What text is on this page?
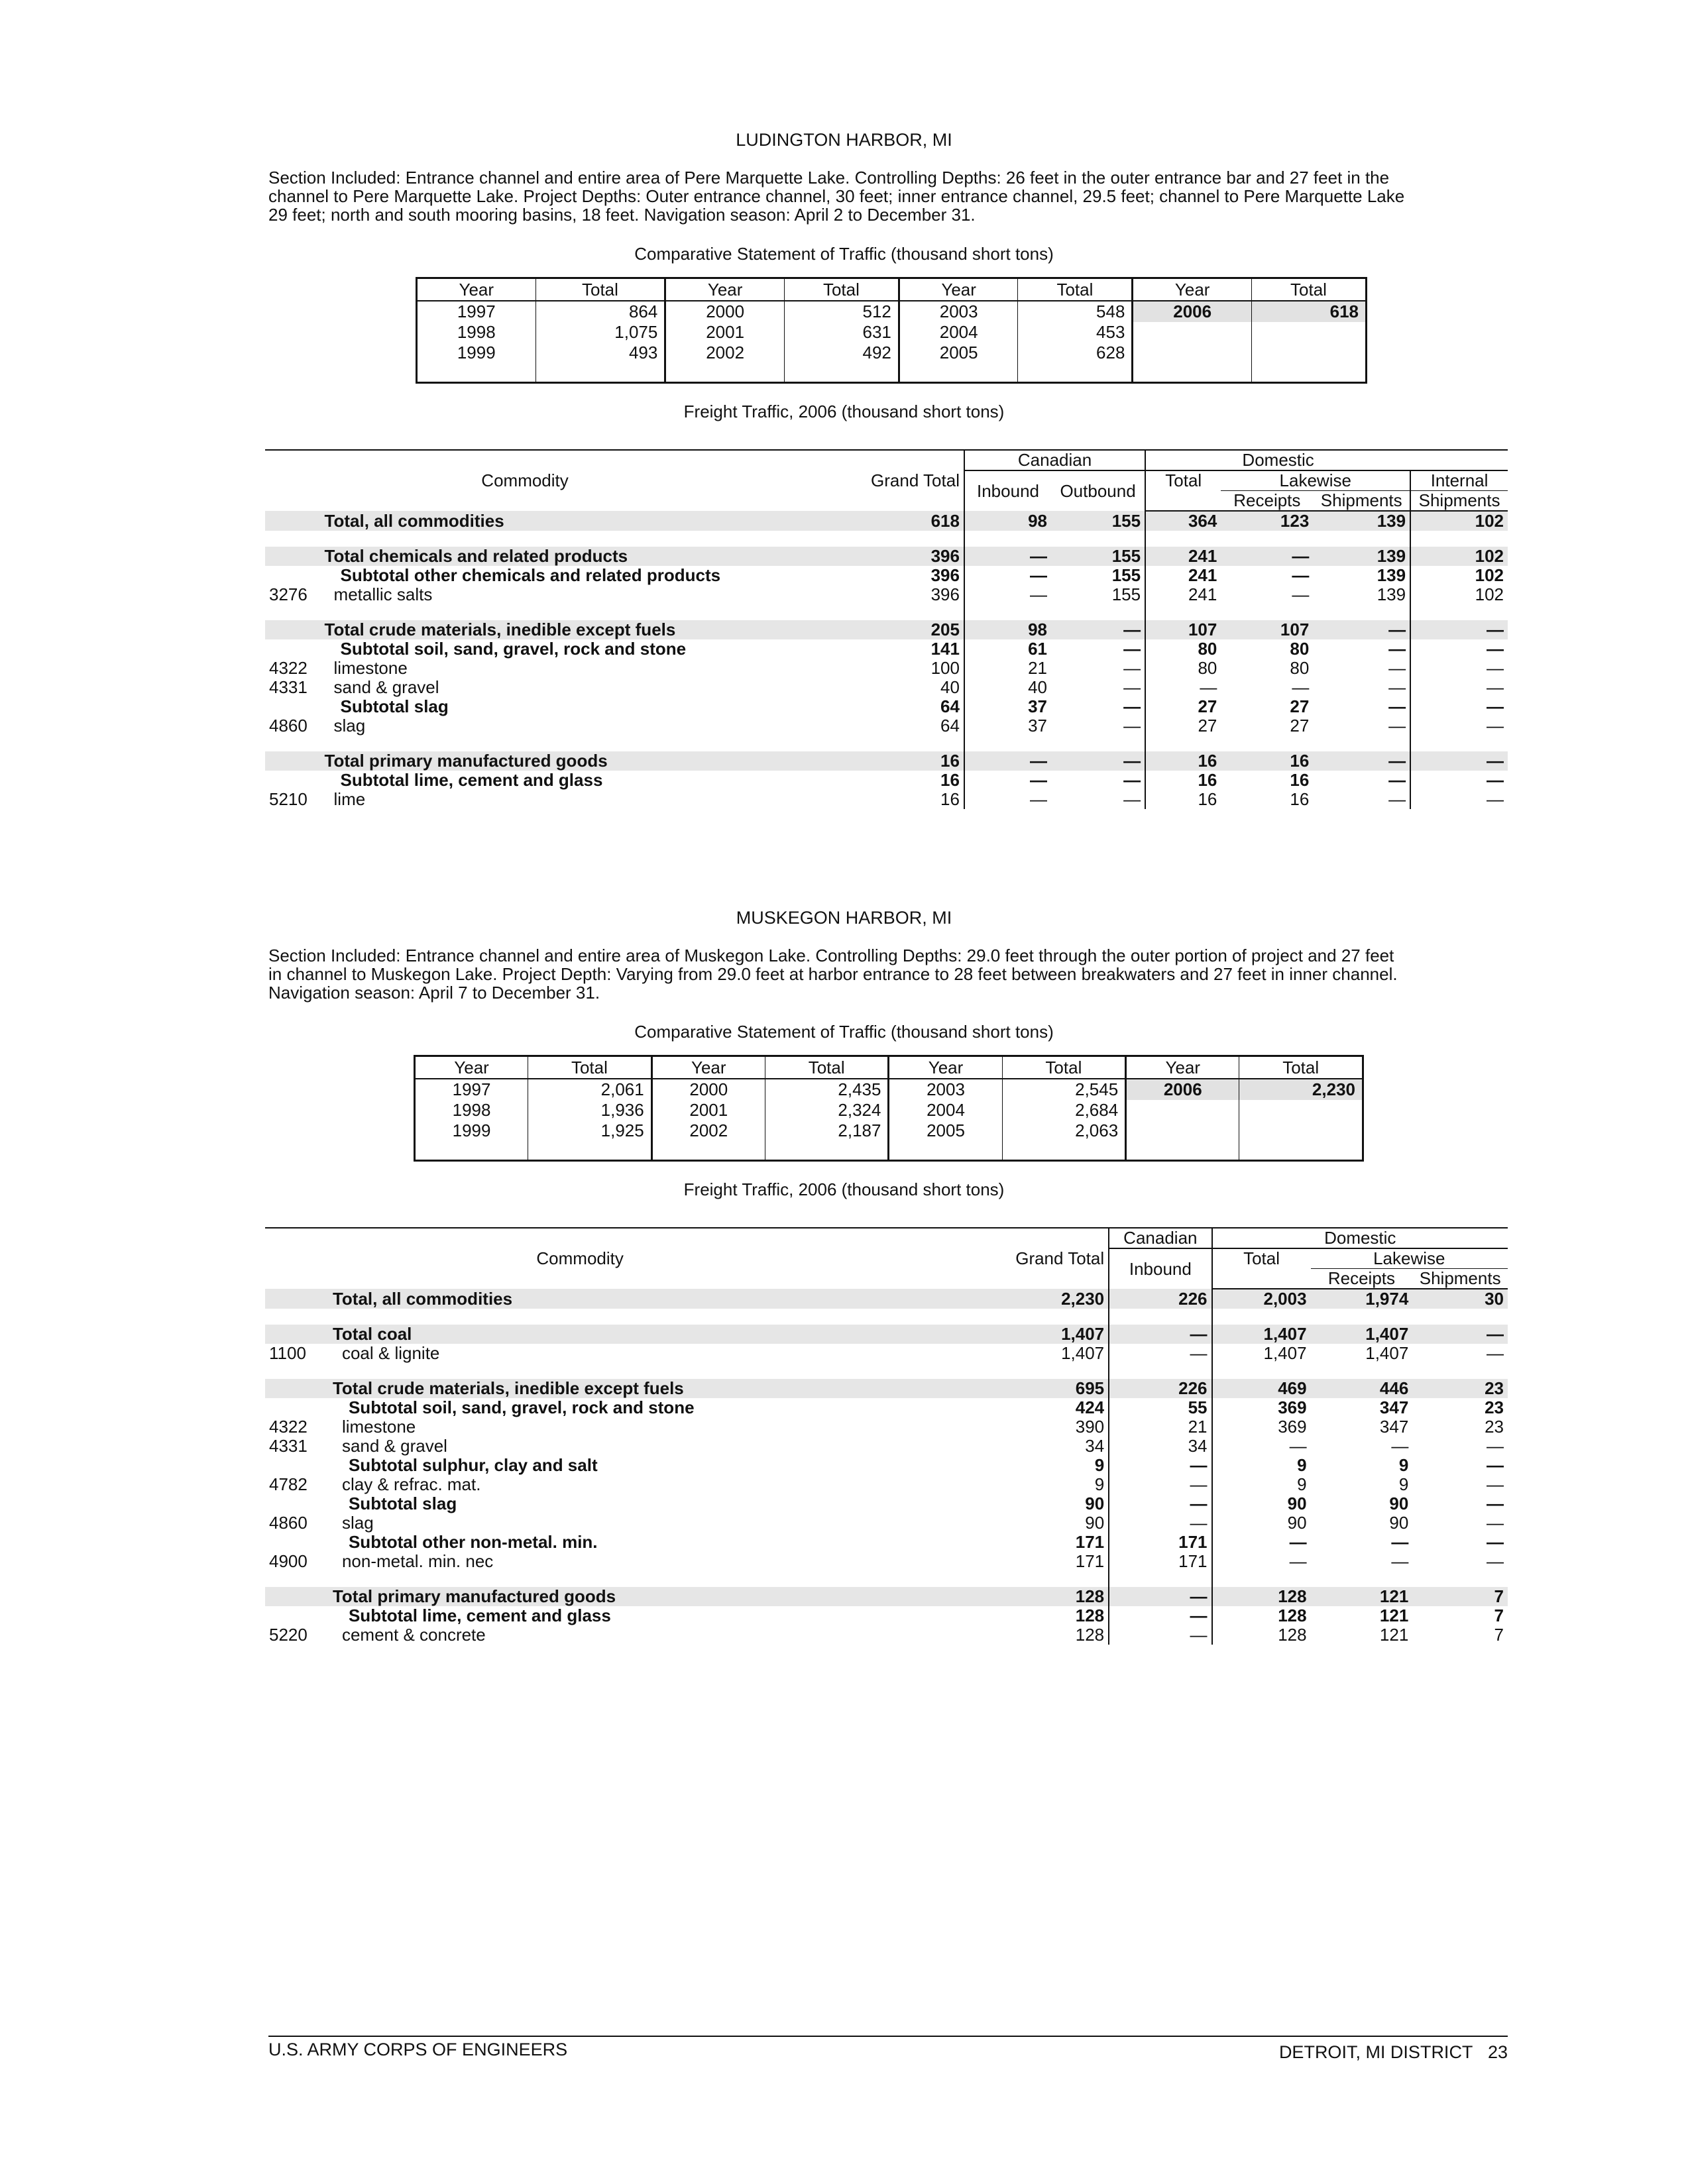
LUDINGTON HARBOR, MI
Section Included: Entrance channel and entire area of Pere Marquette Lake. Controlling Depths: 26 feet in the outer entrance bar and 27 feet in the
channel to Pere Marquette Lake. Project Depths: Outer entrance channel, 30 feet; inner entrance channel, 29.5 feet; channel to Pere Marquette Lake
29 feet; north and south mooring basins, 18 feet. Navigation season: April 2 to December 31.
Comparative Statement of Traffic (thousand short tons)
Year	Total	Year	Total	Year	Total	Year	Total
1997	864	2000	512	2003	548	2006	618
1998	1,075	2001	631	2004	453		
1999	493	2002	492	2005	628		
Freight Traffic, 2006 (thousand short tons)
Commodity		Grand Total	Canadian		Domestic			
			Inbound	Outbound	Total	Lakewise		Internal
						Receipts	Shipments	Shipments
	Total, all commodities	618	98	155	364	123	139	102

	Total chemicals and related products	396	—	155	241	—	139	102
	Subtotal other chemicals and related products	396	—	155	241	—	139	102
3276	metallic salts	396	—	155	241	—	139	102

	Total crude materials, inedible except fuels	205	98	—	107	107	—	—
	Subtotal soil, sand, gravel, rock and stone	141	61	—	80	80	—	—
4322	limestone	100	21	—	80	80	—	—
4331	sand & gravel	40	40	—	—	—	—	—
	Subtotal slag	64	37	—	27	27	—	—
4860	slag	64	37	—	27	27	—	—

	Total primary manufactured goods	16	—	—	16	16	—	—
	Subtotal lime, cement and glass	16	—	—	16	16	—	—
5210	lime	16	—	—	16	16	—	—
MUSKEGON HARBOR, MI
Section Included: Entrance channel and entire area of Muskegon Lake. Controlling Depths: 29.0 feet through the outer portion of project and 27 feet
in channel to Muskegon Lake. Project Depth: Varying from 29.0 feet at harbor entrance to 28 feet between breakwaters and 27 feet in inner channel.
Navigation season: April 7 to December 31.
Comparative Statement of Traffic (thousand short tons)
Year	Total	Year	Total	Year	Total	Year	Total
1997	2,061	2000	2,435	2003	2,545	2006	2,230
1998	1,936	2001	2,324	2004	2,684		
1999	1,925	2002	2,187	2005	2,063		
Freight Traffic, 2006 (thousand short tons)
Commodity		Grand Total	Canadian	Domestic		
			Inbound	Total	Lakewise	
					Receipts	Shipments
	Total, all commodities	2,230	226	2,003	1,974	30

	Total coal	1,407	—	1,407	1,407	—
1100	coal & lignite	1,407	—	1,407	1,407	—

	Total crude materials, inedible except fuels	695	226	469	446	23
	Subtotal soil, sand, gravel, rock and stone	424	55	369	347	23
4322	limestone	390	21	369	347	23
4331	sand & gravel	34	34	—	—	—
	Subtotal sulphur, clay and salt	9	—	9	9	—
4782	clay & refrac. mat.	9	—	9	9	—
	Subtotal slag	90	—	90	90	—
4860	slag	90	—	90	90	—
	Subtotal other non-metal. min.	171	171	—	—	—
4900	non-metal. min. nec	171	171	—	—	—

	Total primary manufactured goods	128	—	128	121	7
	Subtotal lime, cement and glass	128	—	128	121	7
5220	cement & concrete	128	—	128	121	7
U.S. ARMY CORPS OF ENGINEERS	DETROIT, MI DISTRICT 23
